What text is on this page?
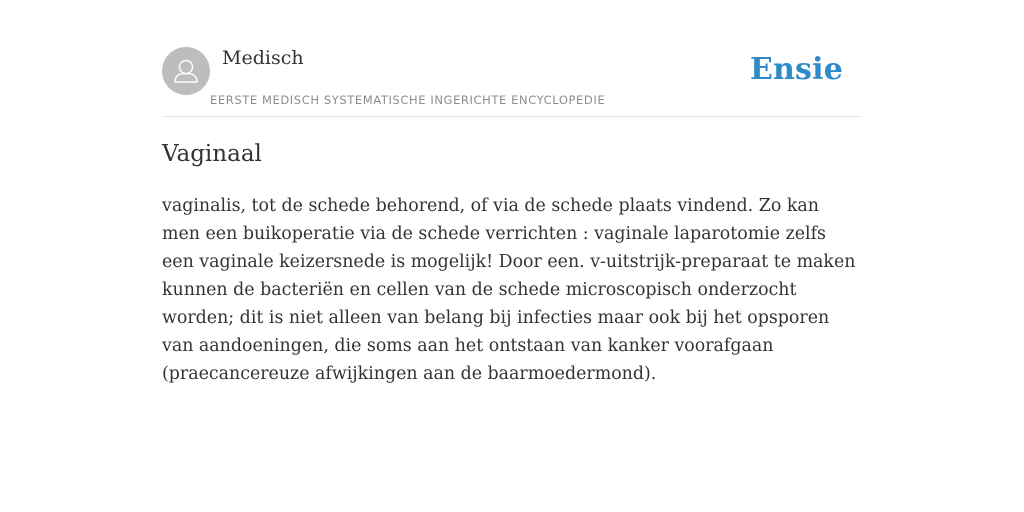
Medisch
EERSTE MEDISCH SYSTEMATISCHE INGERICHTE ENCYCLOPEDIE
Ensie
Vaginaal

vaginalis, tot de schede behorend, of via de schede plaats vindend. Zo kan men een buikoperatie via de schede verrichten : vaginale laparotomie zelfs een vaginale keizersnede is mogelijk! Door een. v-uitstrijk-preparaat te maken kunnen de bacteriën en cellen van de schede microscopisch onderzocht worden; dit is niet alleen van belang bij infecties maar ook bij het opsporen van aandoeningen, die soms aan het ontstaan van kanker voorafgaan (praecancereuze afwijkingen aan de baarmoedermond).
